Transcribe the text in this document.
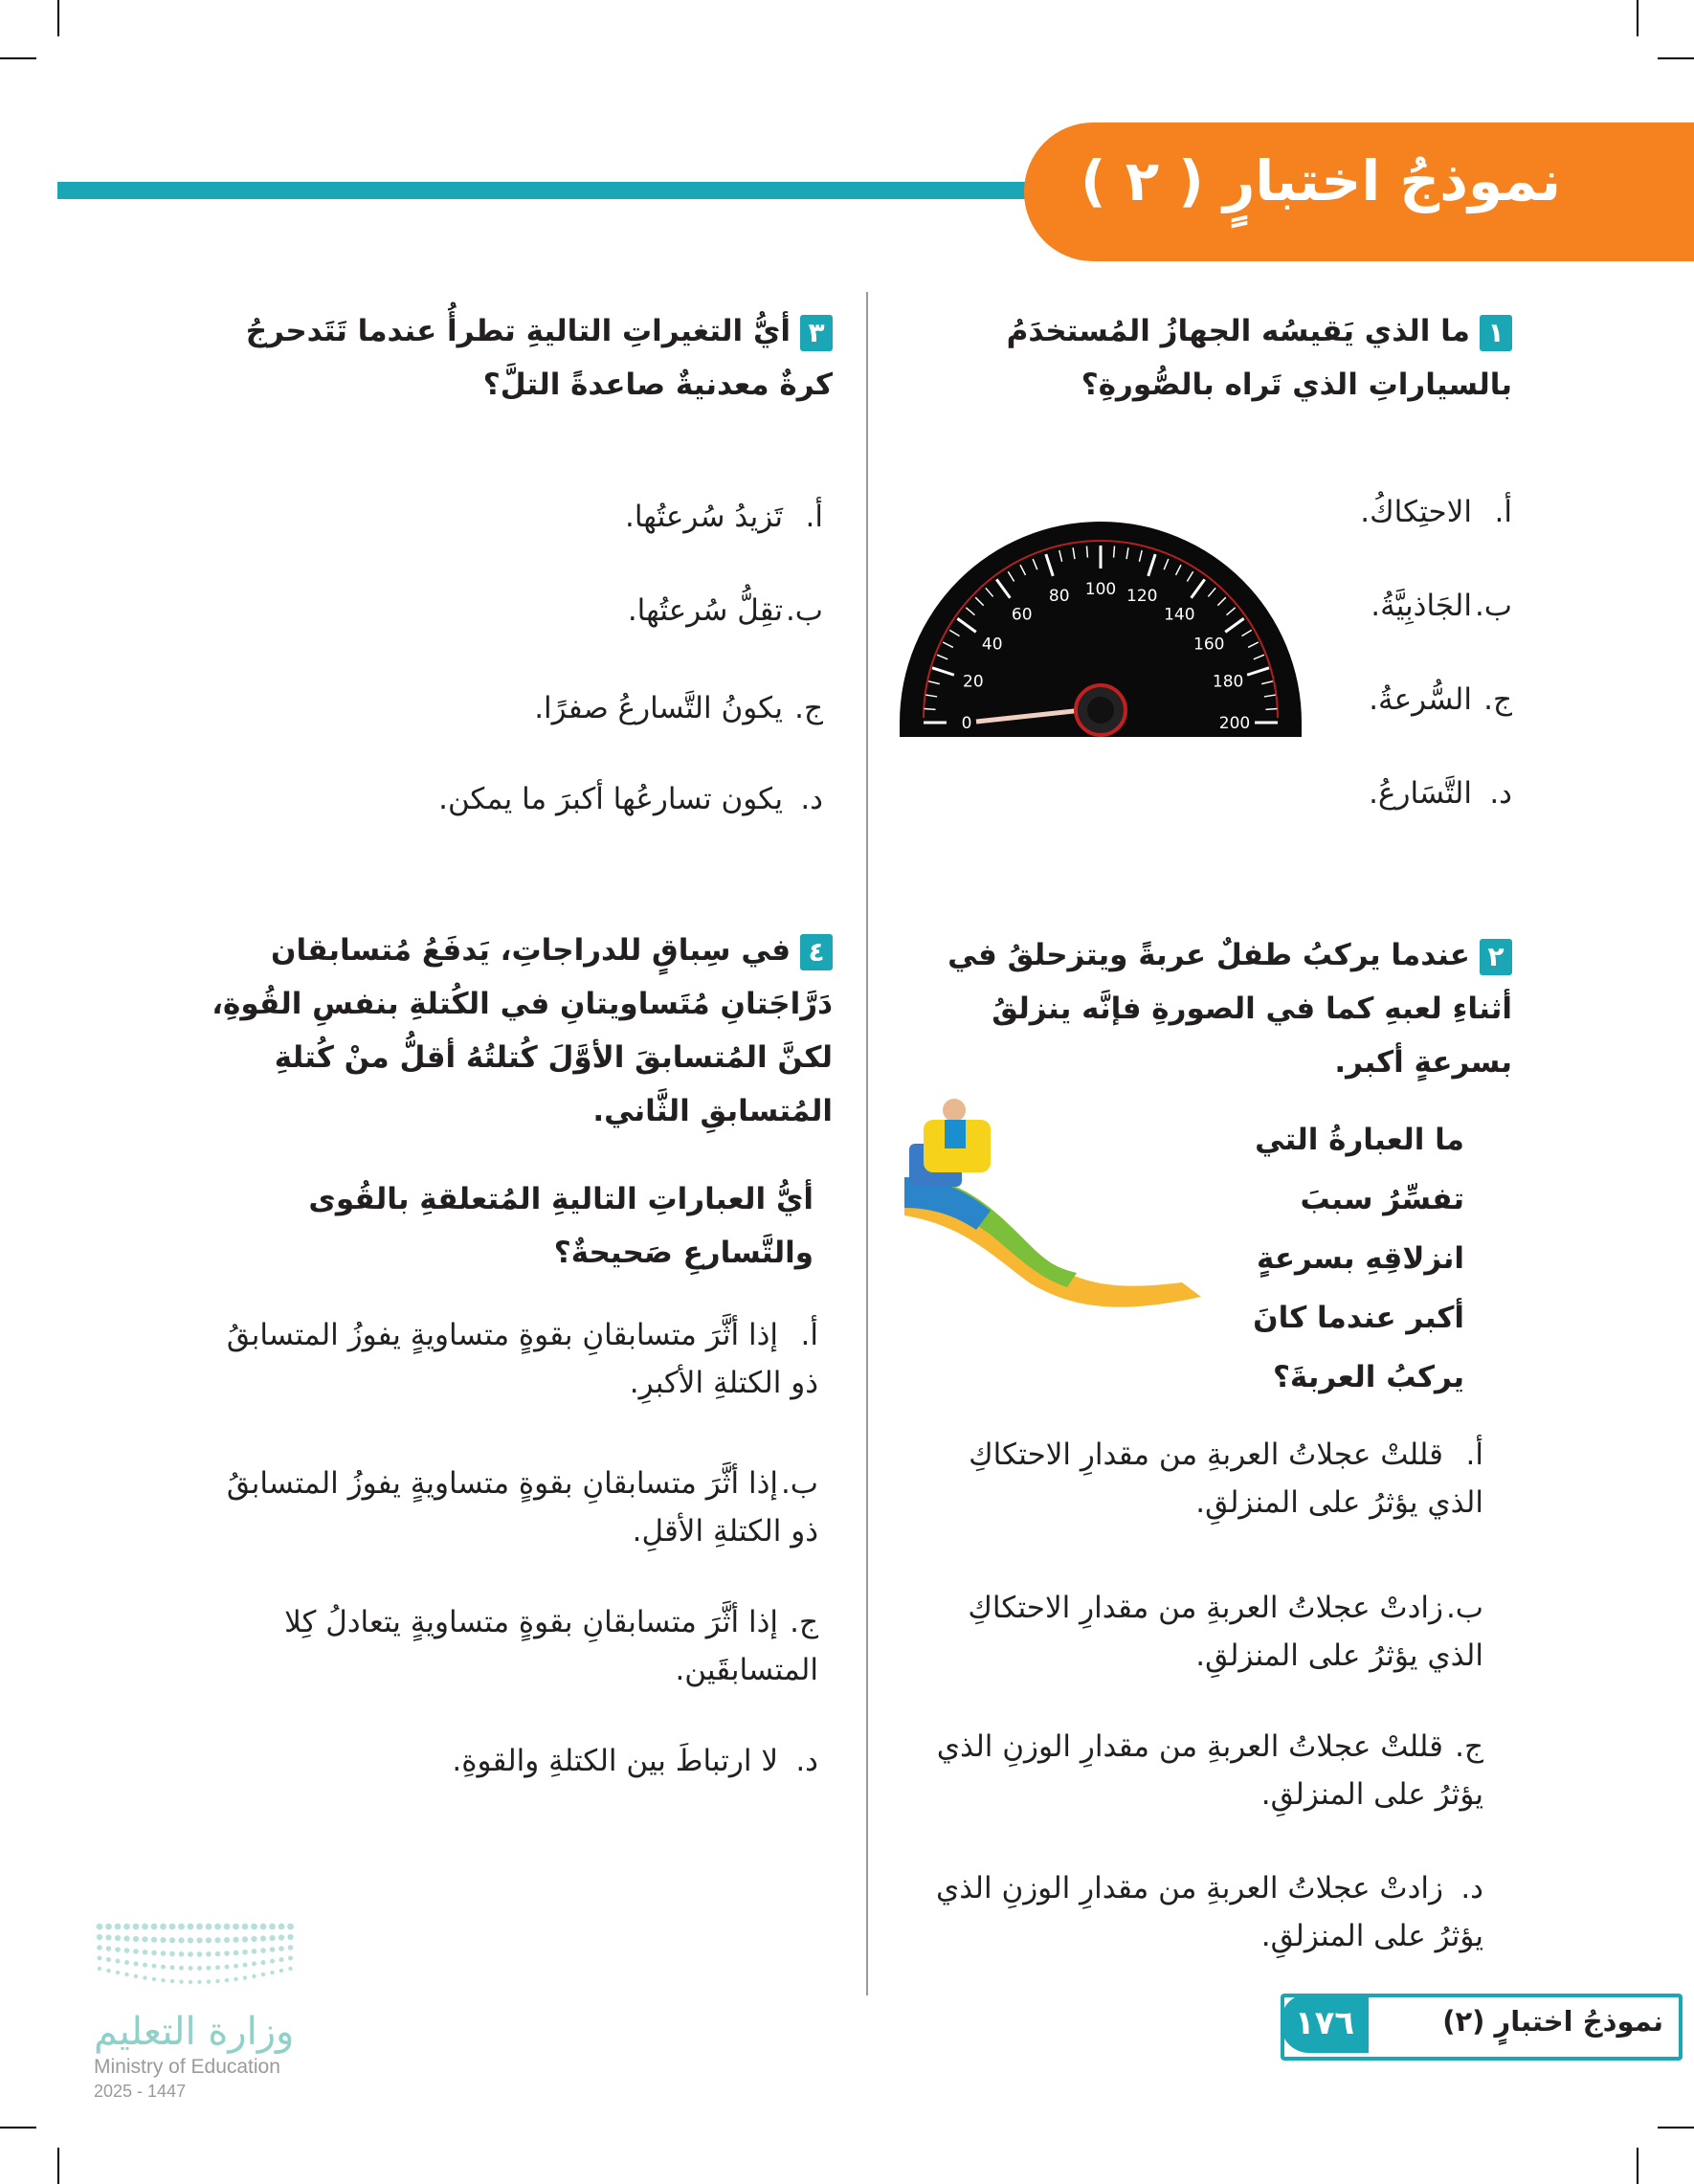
نموذجُ اختبارٍ ( ٢ )
١ما الذي يَقيسُه الجهازُ المُستخدَمُ بالسياراتِ الذي تَراه بالصُّورةِ؟
أ.الاحتِكاكُ.
ب.الجَاذبِيَّةُ.
ج.السُّرعةُ.
د.التَّسَارعُ.
0
20
40
60
80 100 120
140
160
180
200
٢عندما يركبُ طفلٌ عربةً ويتزحلقُ في أثناءِ لعبهِ كما في الصورةِ فإنَّه ينزلقُ بسرعةٍ أكبر.
ما العبارةُ التي تفسِّرُ سببَ انزلاقِهِ بسرعةٍ أكبر عندما كانَ يركبُ العربةَ؟
أ.قللتْ عجلاتُ العربةِ من مقدارِ الاحتكاكِ الذي يؤثرُ على المنزلقِ.
ب.زادتْ عجلاتُ العربةِ من مقدارِ الاحتكاكِ الذي يؤثرُ على المنزلقِ.
ج.قللتْ عجلاتُ العربةِ من مقدارِ الوزنِ الذي يؤثرُ على المنزلقِ.
د.زادتْ عجلاتُ العربةِ من مقدارِ الوزنِ الذي يؤثرُ على المنزلقِ.
٣أيُّ التغيراتِ التاليةِ تطرأُ عندما تَتَدحرجُ كرةٌ معدنيةٌ صاعدةً التلَّ؟
أ.تَزيدُ سُرعتُها.
ب.تقِلُّ سُرعتُها.
ج.يكونُ التَّسارعُ صفرًا.
د.يكون تسارعُها أكبرَ ما يمكن.
٤في سِباقٍ للدراجاتِ، يَدفَعُ مُتسابقان دَرَّاجَتانِ مُتَساويتانِ في الكُتلةِ بنفسِ القُوةِ، لكنَّ المُتسابقَ الأوَّلَ كُتلتُهُ أقلُّ منْ كُتلةِ المُتسابقِ الثَّاني.
أيُّ العباراتِ التاليةِ المُتعلقةِ بالقُوى والتَّسارعِ صَحيحةٌ؟
أ.إذا أثَّرَ متسابقانِ بقوةٍ متساويةٍ يفوزُ المتسابقُ ذو الكتلةِ الأكبرِ.
ب.إذا أثَّرَ متسابقانِ بقوةٍ متساويةٍ يفوزُ المتسابقُ ذو الكتلةِ الأقلِ.
ج.إذا أثَّرَ متسابقانِ بقوةٍ متساويةٍ يتعادلُ كِلا المتسابقَين.
د.لا ارتباطَ بين الكتلةِ والقوةِ.
وزارة التعليم
Ministry of Education
2025 - 1447
١٧٦	نموذجُ اختبارٍ (٢)
